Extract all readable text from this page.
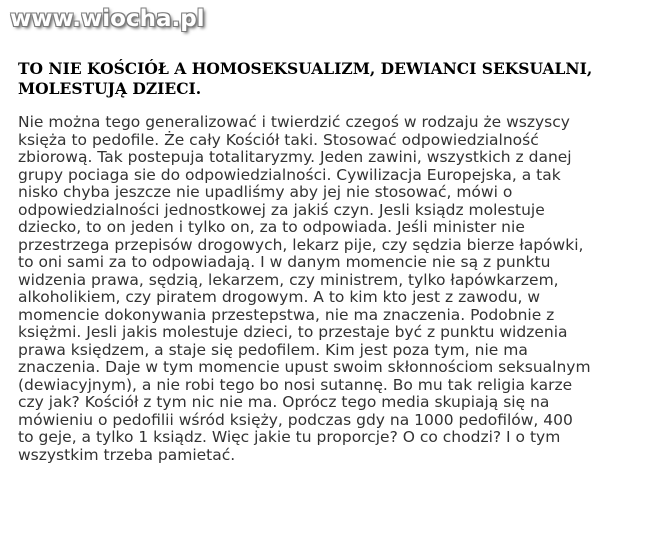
www.wiocha.pl
TO NIE KOŚCIÓŁ A HOMOSEKSUALIZM, DEWIANCI SEKSUALNI,
MOLESTUJĄ DZIECI.
Nie można tego generalizować i twierdzić czegoś w rodzaju że wszyscy
księża to pedofile. Że cały Kościół taki. Stosować odpowiedzialność
zbiorową. Tak postepuja totalitaryzmy. Jeden zawini, wszystkich z danej
grupy pociaga sie do odpowiedzialności. Cywilizacja Europejska, a tak
nisko chyba jeszcze nie upadliśmy aby jej nie stosować, mówi o
odpowiedzialności jednostkowej za jakiś czyn. Jesli ksiądz molestuje
dziecko, to on jeden i tylko on, za to odpowiada. Jeśli minister nie
przestrzega przepisów drogowych, lekarz pije, czy sędzia bierze łapówki,
to oni sami za to odpowiadają. I w danym momencie nie są z punktu
widzenia prawa, sędzią, lekarzem, czy ministrem, tylko łapówkarzem,
alkoholikiem, czy piratem drogowym. A to kim kto jest z zawodu, w
momencie dokonywania przestepstwa, nie ma znaczenia. Podobnie z
księżmi. Jesli jakis molestuje dzieci, to przestaje być z punktu widzenia
prawa księdzem, a staje się pedofilem. Kim jest poza tym, nie ma
znaczenia. Daje w tym momencie upust swoim skłonnościom seksualnym
(dewiacyjnym), a nie robi tego bo nosi sutannę. Bo mu tak religia karze
czy jak? Kościół z tym nic nie ma. Oprócz tego media skupiają się na
mówieniu o pedofilii wśród księży, podczas gdy na 1000 pedofilów, 400
to geje, a tylko 1 ksiądz. Więc jakie tu proporcje? O co chodzi? I o tym
wszystkim trzeba pamietać.
